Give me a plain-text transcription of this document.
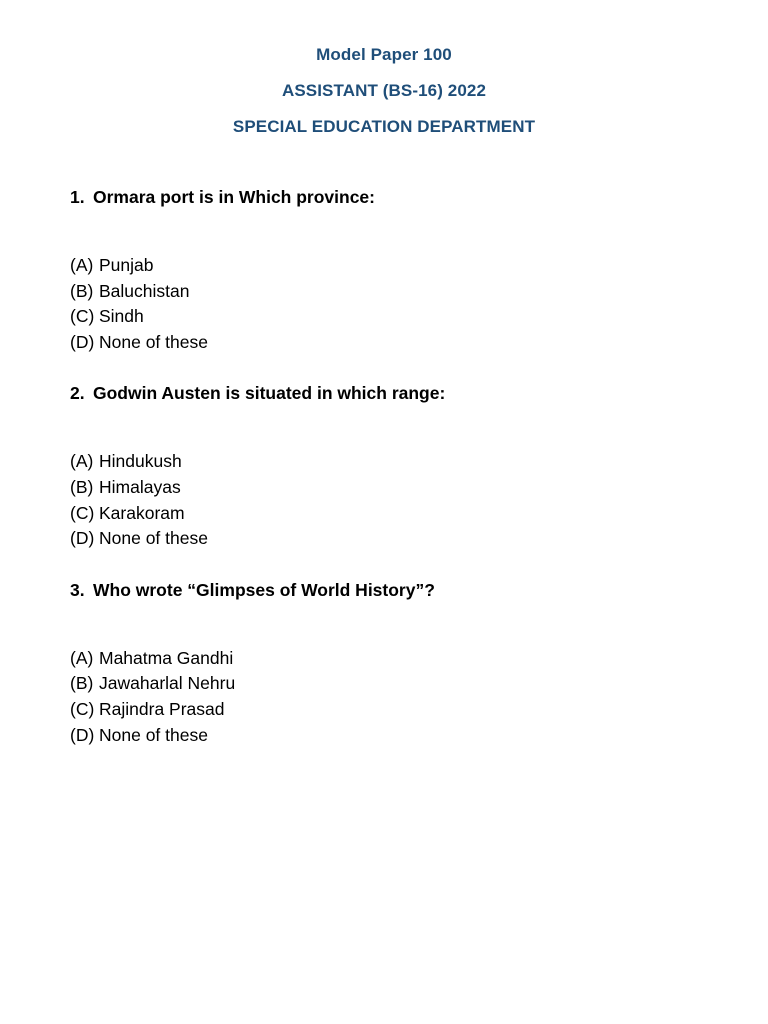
Model Paper 100
ASSISTANT (BS-16) 2022
SPECIAL EDUCATION DEPARTMENT
1. Ormara port is in Which province:
(A) Punjab
(B) Baluchistan
(C) Sindh
(D) None of these
2. Godwin Austen is situated in which range:
(A) Hindukush
(B) Himalayas
(C) Karakoram
(D) None of these
3. Who wrote “Glimpses of World History”?
(A) Mahatma Gandhi
(B) Jawaharlal Nehru
(C) Rajindra Prasad
(D) None of these
